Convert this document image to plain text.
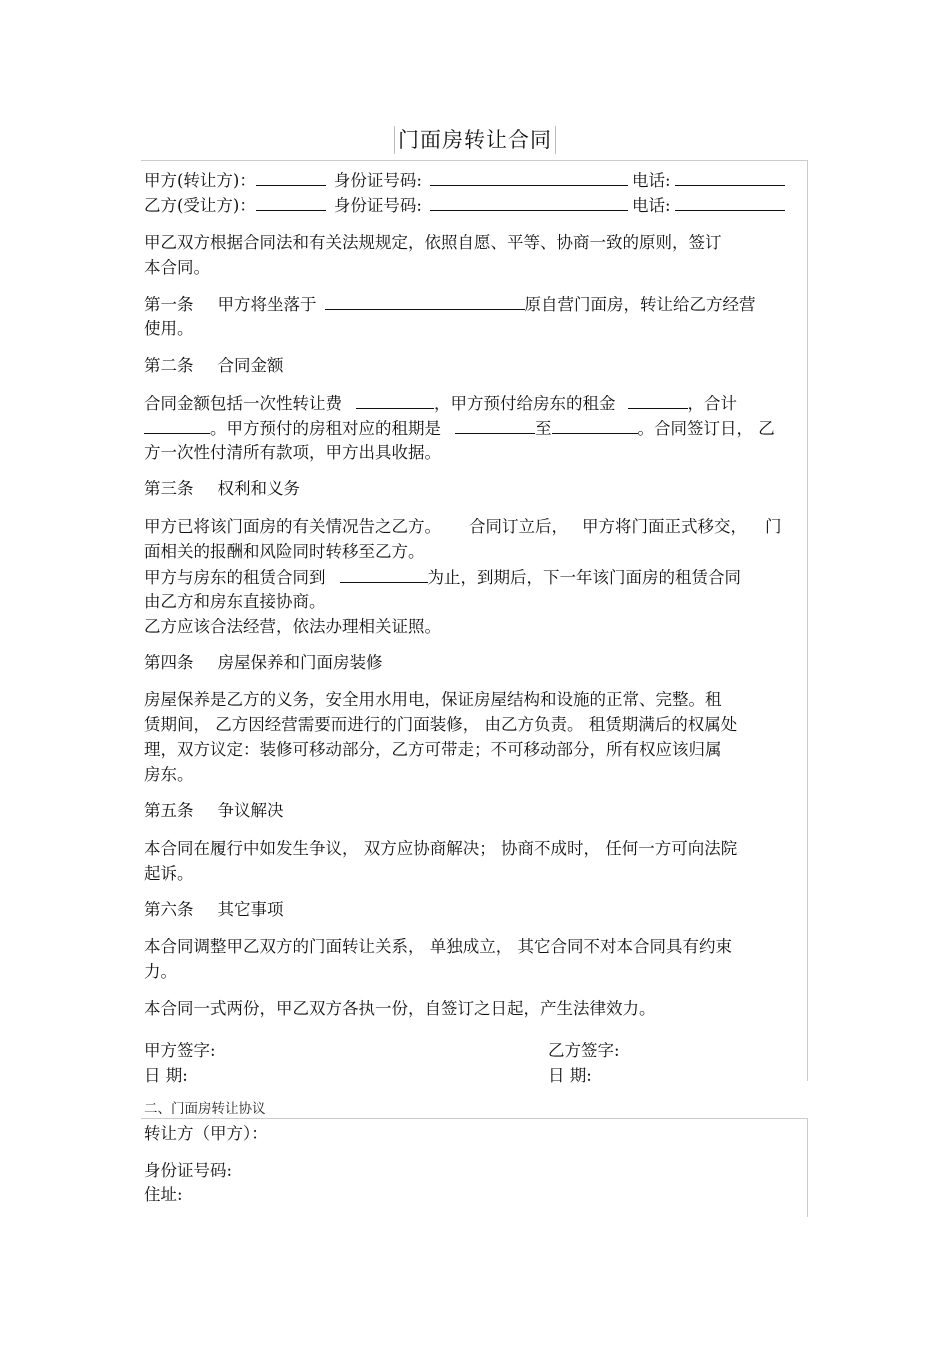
门面房转让合同
甲方(转让方)：	身份证号码:	电话:
乙方(受让方)：	身份证号码:	电话:
甲乙双方根据合同法和有关法规规定，依照自愿、平等、协商一致的原则，签订
本合同。
第一条 甲方将坐落于	原自营门面房，转让给乙方经营
使用。
第二条 合同金额
合同金额包括一次性转让费	，甲方预付给房东的租金	，合计
。甲方预付的房租对应的租期是	至	。合同签订日， 乙
方一次性付清所有款项，甲方出具收据。
第三条 权利和义务
甲方已将该门面房的有关情况告之乙方。 合同订立后， 甲方将门面正式移交， 门
面相关的报酬和风险同时转移至乙方。
甲方与房东的租赁合同到	为止，到期后，下一年该门面房的租赁合同
由乙方和房东直接协商。
乙方应该合法经营，依法办理相关证照。
第四条 房屋保养和门面房装修
房屋保养是乙方的义务，安全用水用电，保证房屋结构和设施的正常、完整。租
赁期间， 乙方因经营需要而进行的门面装修， 由乙方负责。 租赁期满后的权属处
理，双方议定：装修可移动部分，乙方可带走；不可移动部分，所有权应该归属
房东。
第五条 争议解决
本合同在履行中如发生争议， 双方应协商解决； 协商不成时， 任何一方可向法院
起诉。
第六条 其它事项
本合同调整甲乙双方的门面转让关系， 单独成立， 其它合同不对本合同具有约束
力。
本合同一式两份，甲乙双方各执一份，自签订之日起，产生法律效力。
甲方签字:	乙方签字:
日 期:	日 期:
二、门面房转让协议
转让方（甲方）：
身份证号码:
住址:
